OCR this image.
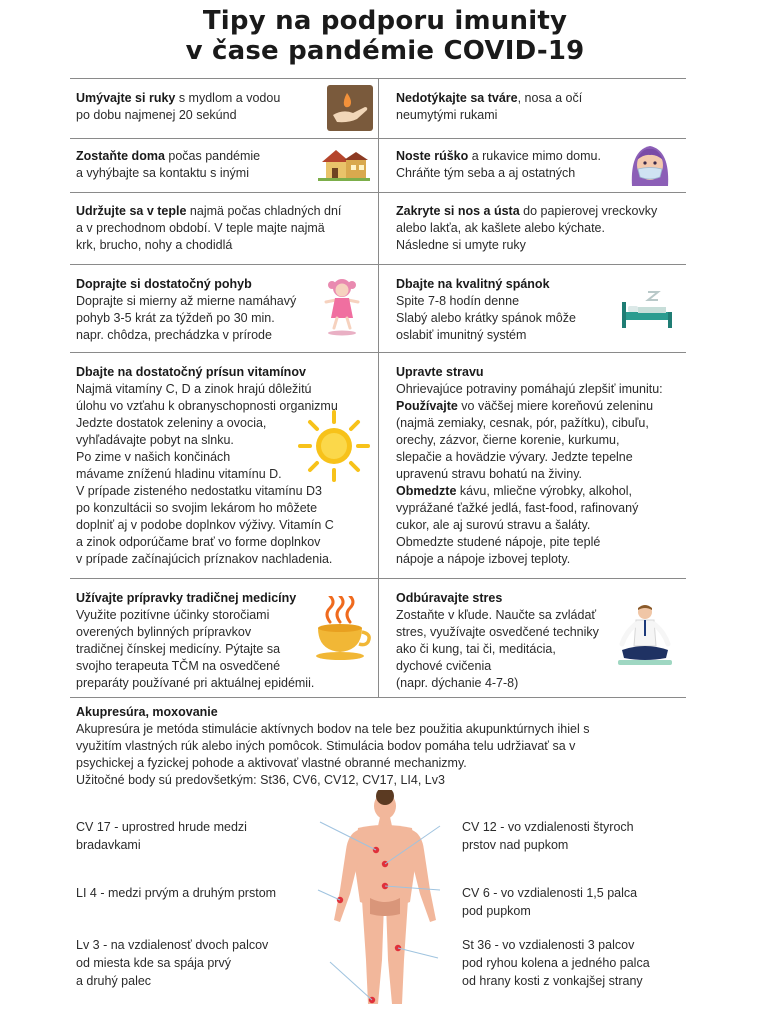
Tipy na podporu imunity
v čase pandémie COVID-19
Umývajte si ruky s mydlom a vodou
po dobu najmenej 20 sekúnd
Nedotýkajte sa tváre, nosa a očí
neumytými rukami
Zostaňte doma počas pandémie
a vyhýbajte sa kontaktu s inými
Noste rúško a rukavice mimo domu.
Chráňte tým seba a aj ostatných
Udržujte sa v teple najmä počas chladných dní
a v prechodnom období. V teple majte najmä
krk, brucho, nohy a chodidlá
Zakryte si nos a ústa do papierovej vreckovky
alebo lakťa, ak kašlete alebo kýchate.
Následne si umyte ruky
Doprajte si dostatočný pohyb
Doprajte si mierny až mierne namáhavý
pohyb 3-5 krát za týždeň po 30 min.
napr. chôdza, prechádzka v prírode
Dbajte na kvalitný spánok
Spite 7-8 hodín denne
Slabý alebo krátky spánok môže
oslabiť imunitný systém
Dbajte na dostatočný prísun vitamínov
Najmä vitamíny C, D a zinok hrajú dôležitú
úlohu vo vzťahu k obranyschopnosti organizmu
Jedzte dostatok zeleniny a ovocia,
vyhľadávajte pobyt na slnku.
Po zime v našich končinách
mávame zníženú hladinu vitamínu D.
V prípade zisteného nedostatku vitamínu D3
po konzultácii so svojim lekárom ho môžete
doplniť aj v podobe doplnkov výživy. Vitamín C
a zinok odporúčame brať vo forme doplnkov
v prípade začínajúcich príznakov nachladenia.
Upravte stravu
Ohrievajúce potraviny pomáhajú zlepšiť imunitu:
Používajte vo väčšej miere koreňovú zeleninu
(najmä zemiaky, cesnak, pór, pažítku), cibuľu,
orechy, zázvor, čierne korenie, kurkumu,
slepačie a hovädzie vývary. Jedzte tepelne
upravenú stravu bohatú na živiny.
Obmedzte kávu, mliečne výrobky, alkohol,
vyprážané ťažké jedlá, fast-food, rafinovaný
cukor, ale aj surovú stravu a šaláty.
Obmedzte studené nápoje, pite teplé
nápoje a nápoje izbovej teploty.
Užívajte prípravky tradičnej medicíny
Využite pozitívne účinky storočiami
overených bylinných prípravkov
tradičnej čínskej medicíny. Pýtajte sa
svojho terapeuta TČM na osvedčené
preparáty používané pri aktuálnej epidémii.
Odbúravajte stres
Zostaňte v kľude. Naučte sa zvládať
stres, využívajte osvedčené techniky
ako či kung, tai či, meditácia,
dychové cvičenia
(napr. dýchanie 4-7-8)
Akupresúra, moxovanie
Akupresúra je metóda stimulácie aktívnych bodov na tele bez použitia akupunktúrnych ihiel s
využitím vlastných rúk alebo iných pomôcok. Stimulácia bodov pomáha telu udržiavať sa v
psychickej a fyzickej pohode a aktivovať vlastné obranné mechanizmy.
Užitočné body sú predovšetkým: St36, CV6, CV12, CV17, LI4, Lv3
CV 17 - uprostred hrude medzi
bradavkami
LI 4 - medzi prvým a druhým prstom
Lv 3 - na vzdialenosť dvoch palcov
od miesta kde sa spája prvý
a druhý palec
CV 12 - vo vzdialenosti štyroch
prstov nad pupkom
CV 6 - vo vzdialenosti 1,5 palca
pod pupkom
St 36 - vo vzdialenosti 3 palcov
pod ryhou kolena a jedného palca
od hrany kosti z vonkajšej strany
